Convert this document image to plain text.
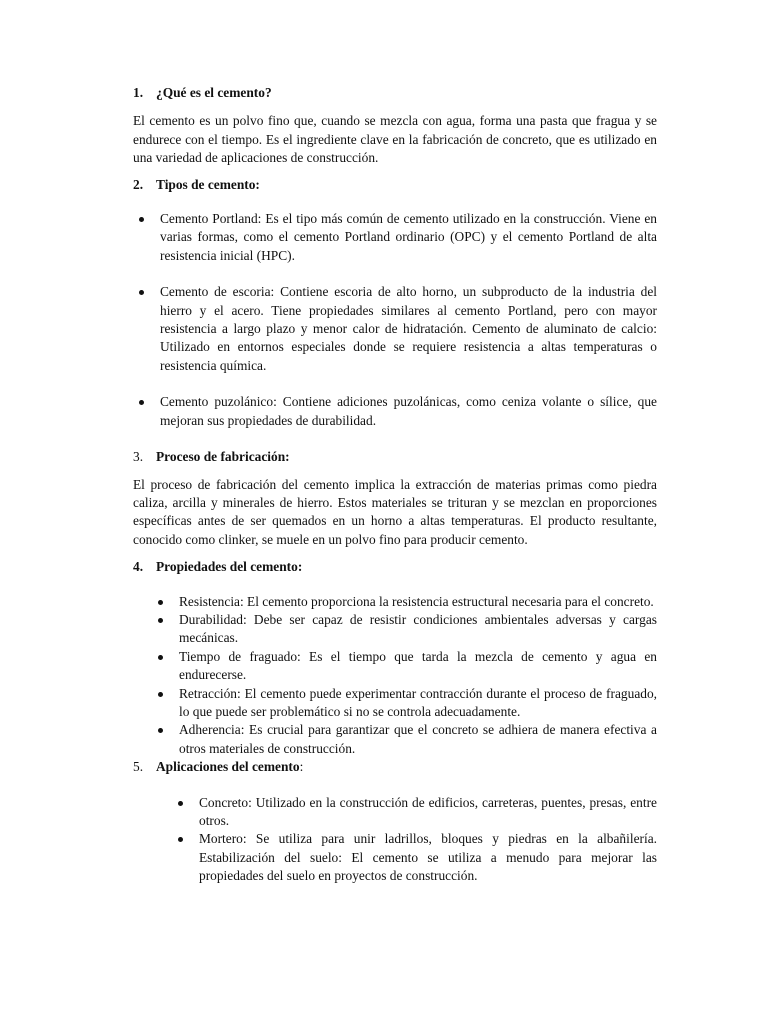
1. ¿Qué es el cemento?

El cemento es un polvo fino que, cuando se mezcla con agua, forma una pasta que fragua y se endurece con el tiempo. Es el ingrediente clave en la fabricación de concreto, que es utilizado en una variedad de aplicaciones de construcción.

2. Tipos de cemento:
Cemento Portland: Es el tipo más común de cemento utilizado en la construcción. Viene en varias formas, como el cemento Portland ordinario (OPC) y el cemento Portland de alta resistencia inicial (HPC).
Cemento de escoria: Contiene escoria de alto horno, un subproducto de la industria del hierro y el acero. Tiene propiedades similares al cemento Portland, pero con mayor resistencia a largo plazo y menor calor de hidratación. Cemento de aluminato de calcio: Utilizado en entornos especiales donde se requiere resistencia a altas temperaturas o resistencia química.
Cemento puzolánico: Contiene adiciones puzolánicas, como ceniza volante o sílice, que mejoran sus propiedades de durabilidad.
3. Proceso de fabricación:

El proceso de fabricación del cemento implica la extracción de materias primas como piedra caliza, arcilla y minerales de hierro. Estos materiales se trituran y se mezclan en proporciones específicas antes de ser quemados en un horno a altas temperaturas. El producto resultante, conocido como clinker, se muele en un polvo fino para producir cemento.

4. Propiedades del cemento:
Resistencia: El cemento proporciona la resistencia estructural necesaria para el concreto.
Durabilidad: Debe ser capaz de resistir condiciones ambientales adversas y cargas mecánicas.
Tiempo de fraguado: Es el tiempo que tarda la mezcla de cemento y agua en endurecerse.
Retracción: El cemento puede experimentar contracción durante el proceso de fraguado, lo que puede ser problemático si no se controla adecuadamente.
Adherencia: Es crucial para garantizar que el concreto se adhiera de manera efectiva a otros materiales de construcción.
5. Aplicaciones del cemento:
Concreto: Utilizado en la construcción de edificios, carreteras, puentes, presas, entre otros.
Mortero: Se utiliza para unir ladrillos, bloques y piedras en la albañilería. Estabilización del suelo: El cemento se utiliza a menudo para mejorar las propiedades del suelo en proyectos de construcción.
